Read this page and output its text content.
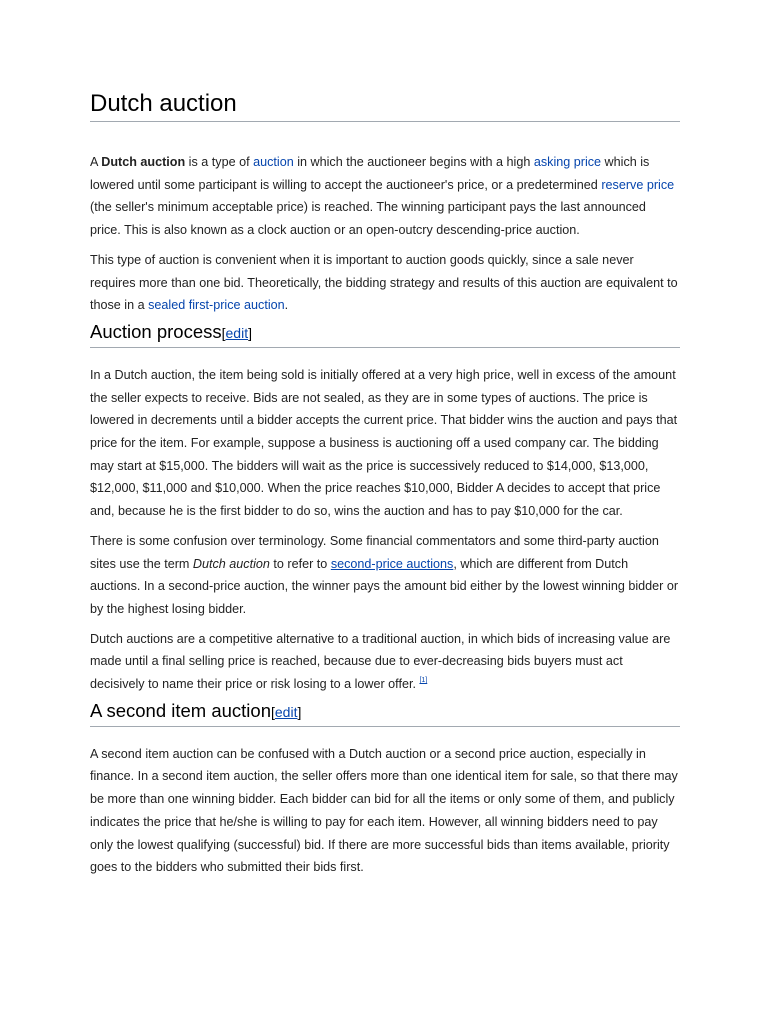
Dutch auction

A Dutch auction is a type of auction in which the auctioneer begins with a high asking price which is lowered until some participant is willing to accept the auctioneer's price, or a predetermined reserve price (the seller's minimum acceptable price) is reached. The winning participant pays the last announced price. This is also known as a clock auction or an open-outcry descending-price auction.

This type of auction is convenient when it is important to auction goods quickly, since a sale never requires more than one bid. Theoretically, the bidding strategy and results of this auction are equivalent to those in a sealed first-price auction.

Auction process[edit]

In a Dutch auction, the item being sold is initially offered at a very high price, well in excess of the amount the seller expects to receive. Bids are not sealed, as they are in some types of auctions. The price is lowered in decrements until a bidder accepts the current price. That bidder wins the auction and pays that price for the item. For example, suppose a business is auctioning off a used company car. The bidding may start at $15,000. The bidders will wait as the price is successively reduced to $14,000, $13,000, $12,000, $11,000 and $10,000. When the price reaches $10,000, Bidder A decides to accept that price and, because he is the first bidder to do so, wins the auction and has to pay $10,000 for the car.

There is some confusion over terminology. Some financial commentators and some third-party auction sites use the term Dutch auction to refer to second-price auctions, which are different from Dutch auctions. In a second-price auction, the winner pays the amount bid either by the lowest winning bidder or by the highest losing bidder.

Dutch auctions are a competitive alternative to a traditional auction, in which bids of increasing value are made until a final selling price is reached, because due to ever-decreasing bids buyers must act decisively to name their price or risk losing to a lower offer. [1]

A second item auction[edit]

A second item auction can be confused with a Dutch auction or a second price auction, especially in finance. In a second item auction, the seller offers more than one identical item for sale, so that there may be more than one winning bidder. Each bidder can bid for all the items or only some of them, and publicly indicates the price that he/she is willing to pay for each item. However, all winning bidders need to pay only the lowest qualifying (successful) bid. If there are more successful bids than items available, priority goes to the bidders who submitted their bids first.
